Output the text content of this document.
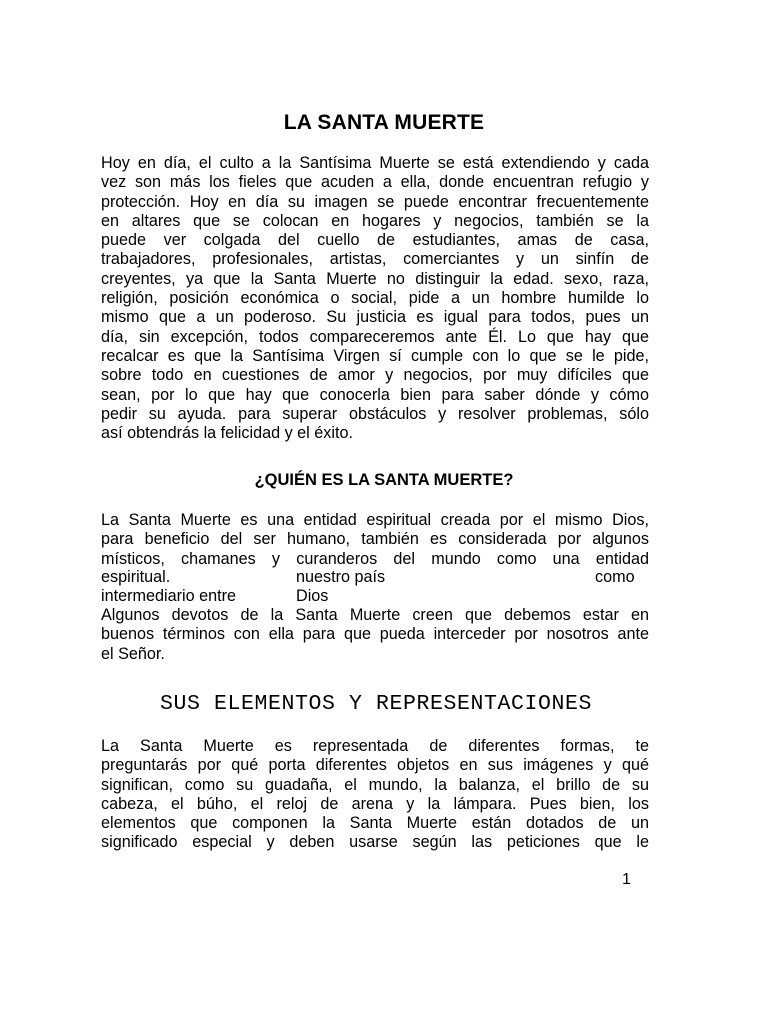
LA SANTA MUERTE
Hoy en día, el culto a la Santísima Muerte se está extendiendo y cada
vez son más los fieles que acuden a ella, donde encuentran refugio y
protección. Hoy en día su imagen se puede encontrar frecuentemente
en altares que se colocan en hogares y negocios, también se la
puede ver colgada del cuello de estudiantes, amas de casa,
trabajadores, profesionales, artistas, comerciantes y un sinfín de
creyentes, ya que la Santa Muerte no distinguir la edad. sexo, raza,
religión, posición económica o social, pide a un hombre humilde lo
mismo que a un poderoso. Su justicia es igual para todos, pues un
día, sin excepción, todos compareceremos ante Él. Lo que hay que
recalcar es que la Santísima Virgen sí cumple con lo que se le pide,
sobre todo en cuestiones de amor y negocios, por muy difíciles que
sean, por lo que hay que conocerla bien para saber dónde y cómo
pedir su ayuda. para superar obstáculos y resolver problemas, sólo
así obtendrás la felicidad y el éxito.
¿QUIÉN ES LA SANTA MUERTE?
La Santa Muerte es una entidad espiritual creada por el mismo Dios,
para beneficio del ser humano, también es considerada por algunos
místicos, chamanes y curanderos del mundo como una entidad
espiritual.	nuestro país	como
intermediario entre	Dios
Algunos devotos de la Santa Muerte creen que debemos estar en
buenos términos con ella para que pueda interceder por nosotros ante
el Señor.
SUS ELEMENTOS Y REPRESENTACIONES
La Santa Muerte es representada de diferentes formas, te
preguntarás por qué porta diferentes objetos en sus imágenes y qué
significan, como su guadaña, el mundo, la balanza, el brillo de su
cabeza, el búho, el reloj de arena y la lámpara. Pues bien, los
elementos que componen la Santa Muerte están dotados de un
significado especial y deben usarse según las peticiones que le
1
